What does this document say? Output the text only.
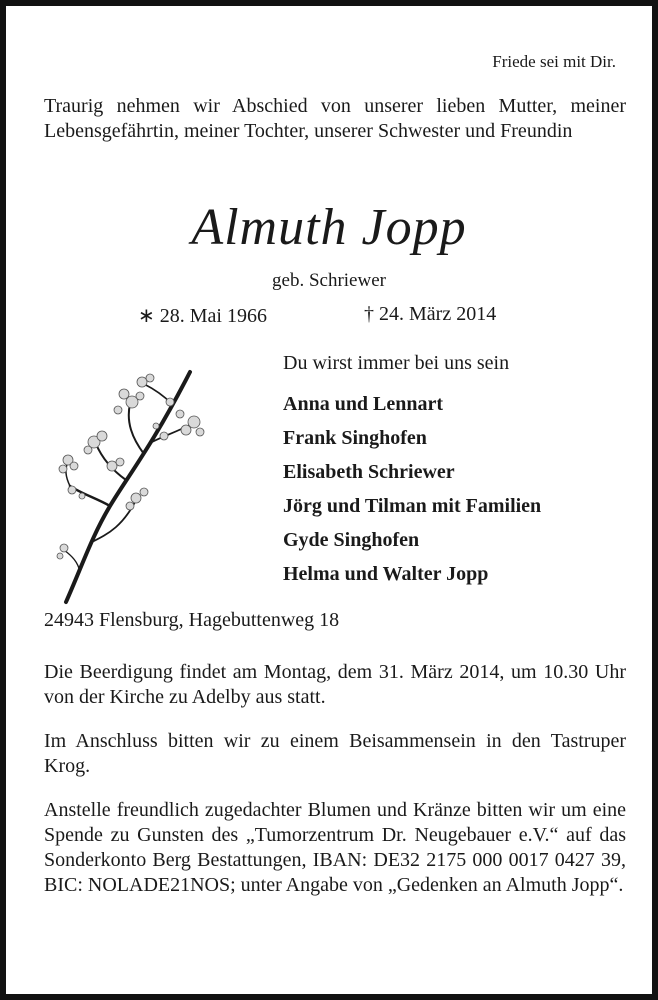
Friede sei mit Dir.

Traurig nehmen wir Abschied von unserer lieben Mutter, meiner Lebensgefährtin, meiner Tochter, unserer Schwester und Freundin

Almuth Jopp
geb. Schriewer
∗ 28. Mai 1966	† 24. März 2014
Du wirst immer bei uns sein
Anna und Lennart
Frank Singhofen
Elisabeth Schriewer
Jörg und Tilman mit Familien
Gyde Singhofen
Helma und Walter Jopp
24943 Flensburg, Hagebuttenweg 18

Die Beerdigung findet am Montag, dem 31. März 2014, um 10.30 Uhr von der Kirche zu Adelby aus statt.

Im Anschluss bitten wir zu einem Beisammensein in den Tastruper Krog.

Anstelle freundlich zugedachter Blumen und Kränze bitten wir um eine Spende zu Gunsten des „Tumorzentrum Dr. Neugebauer e.V.“ auf das Sonderkonto Berg Bestattungen, IBAN: DE32 2175 000 0017 0427 39, BIC: NOLADE21NOS; unter Angabe von „Gedenken an Almuth Jopp“.
